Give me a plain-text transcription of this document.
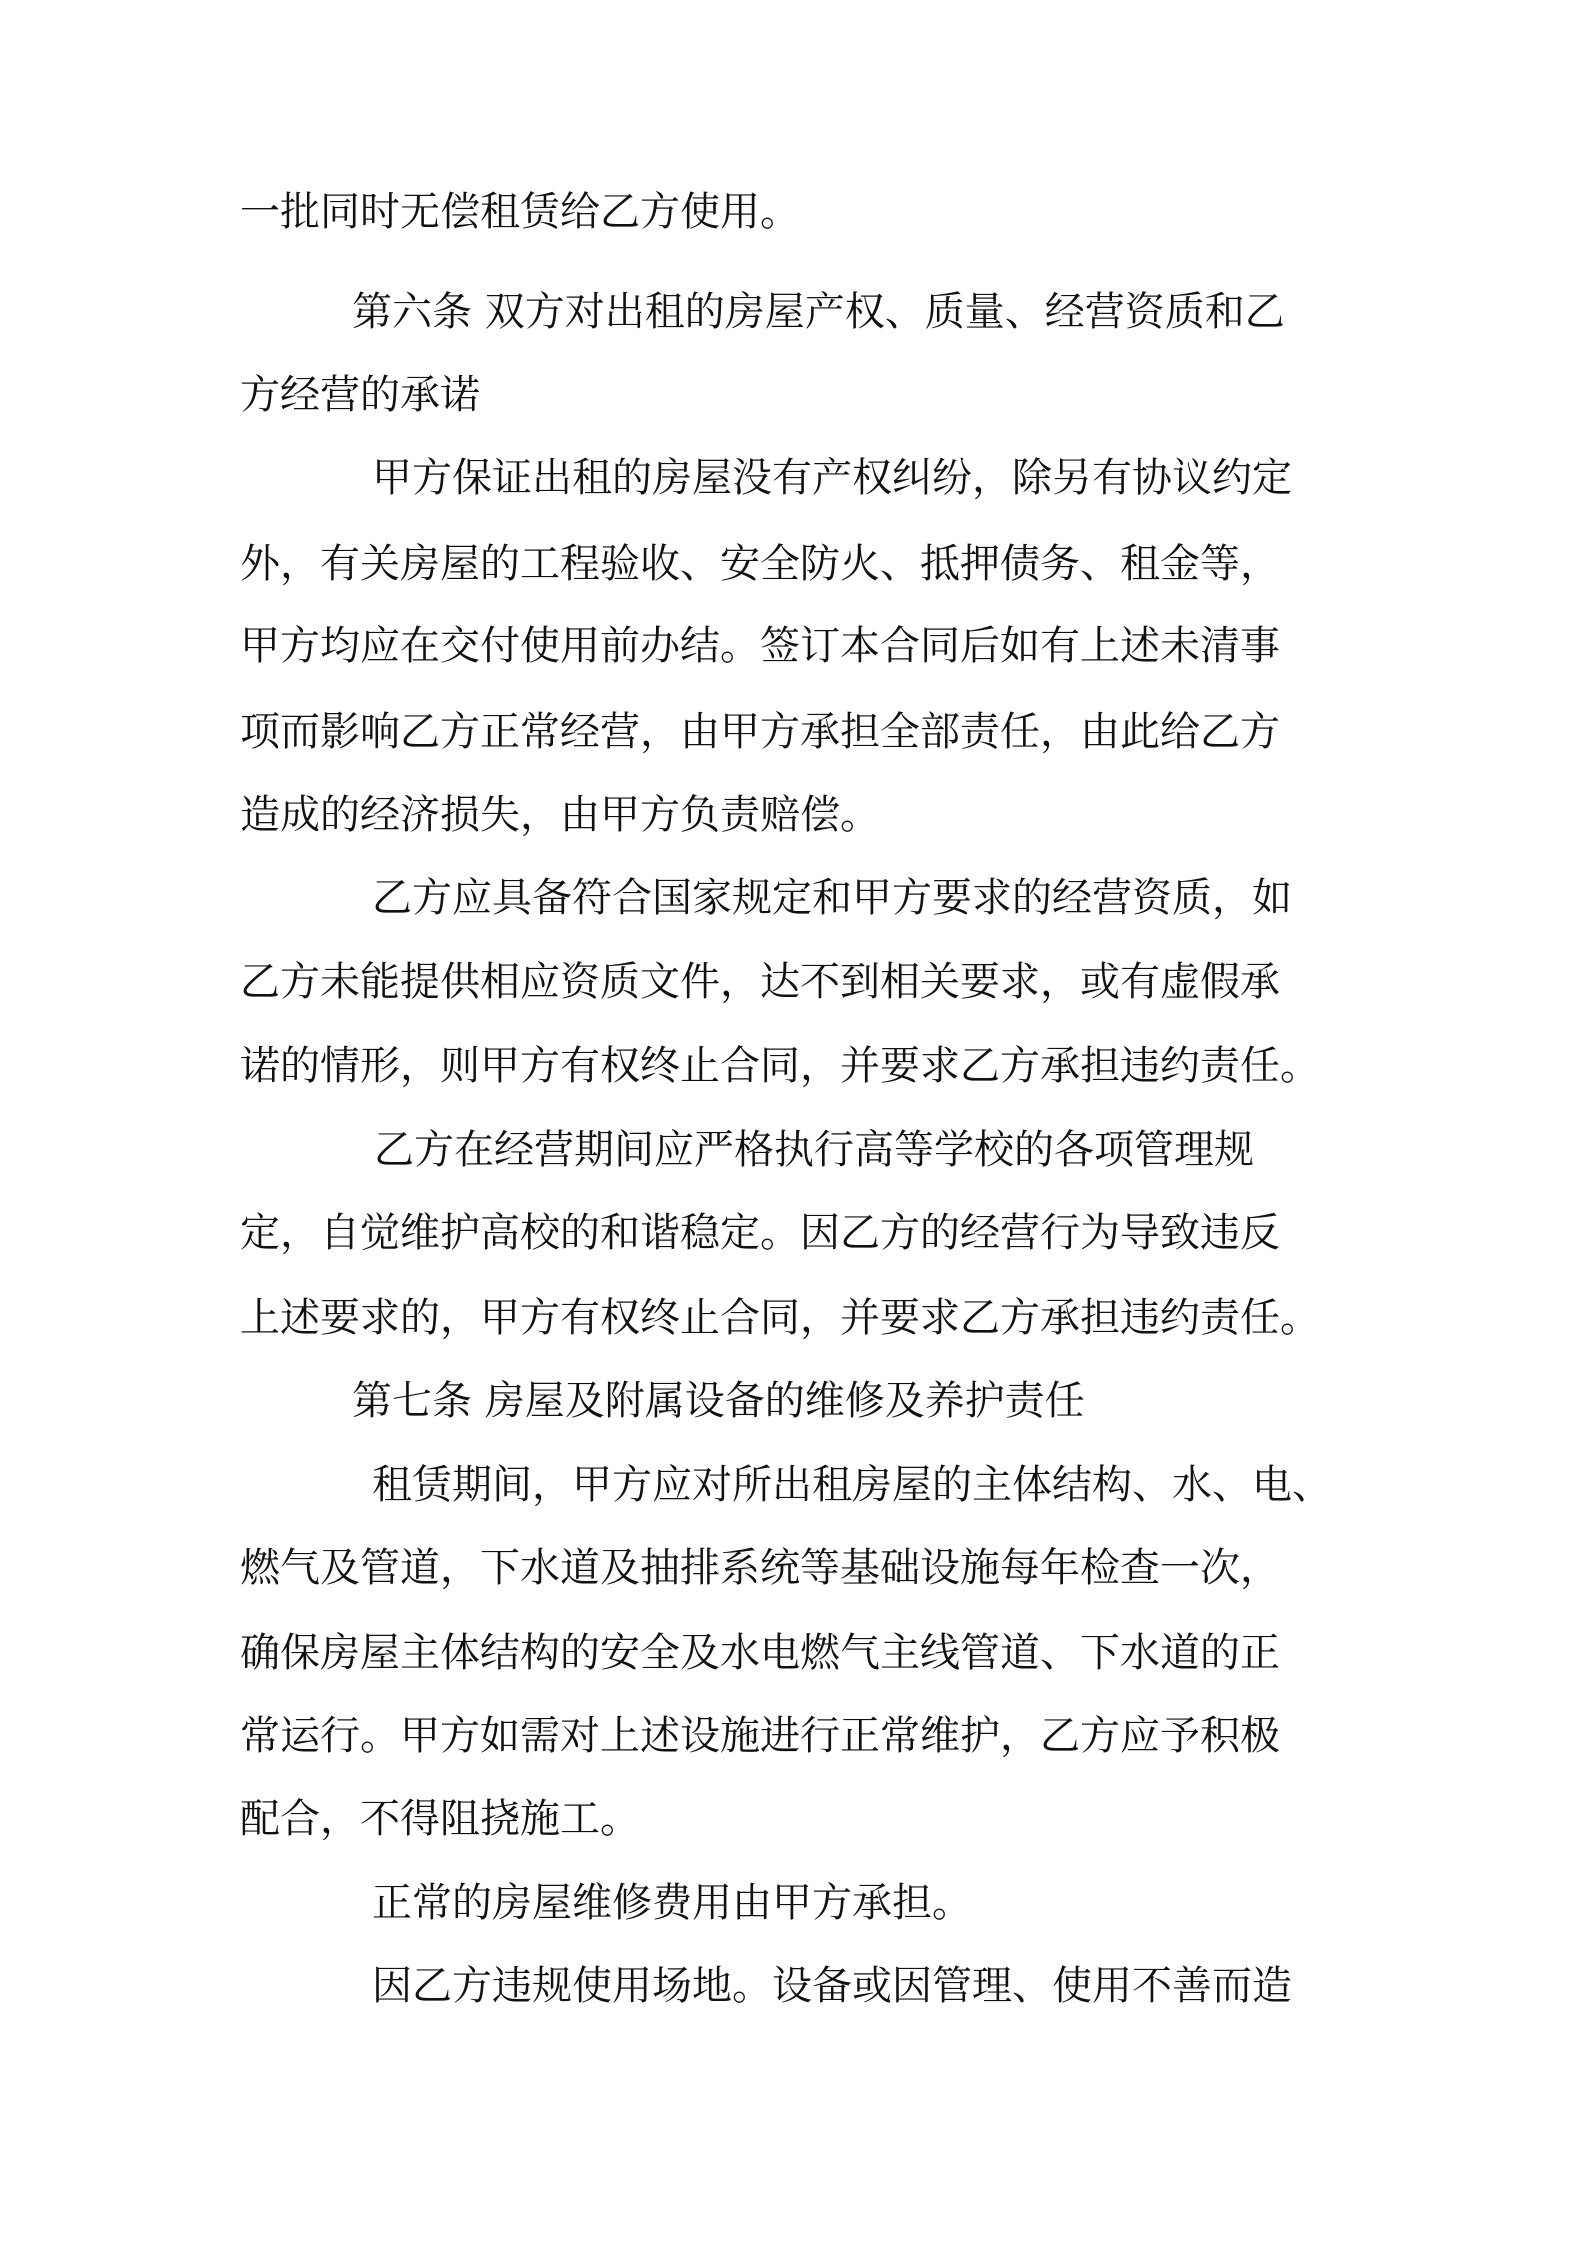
一批同时无偿租赁给乙方使用。
第六条 双方对出租的房屋产权、质量、经营资质和乙
方经营的承诺
甲方保证出租的房屋没有产权纠纷，除另有协议约定
外，有关房屋的工程验收、安全防火、抵押债务、租金等，
甲方均应在交付使用前办结。签订本合同后如有上述未清事
项而影响乙方正常经营，由甲方承担全部责任，由此给乙方
造成的经济损失，由甲方负责赔偿。
乙方应具备符合国家规定和甲方要求的经营资质，如
乙方未能提供相应资质文件，达不到相关要求，或有虚假承
诺的情形，则甲方有权终止合同，并要求乙方承担违约责任。
乙方在经营期间应严格执行高等学校的各项管理规
定，自觉维护高校的和谐稳定。因乙方的经营行为导致违反
上述要求的，甲方有权终止合同，并要求乙方承担违约责任。
第七条 房屋及附属设备的维修及养护责任
租赁期间，甲方应对所出租房屋的主体结构、水、电、
燃气及管道，下水道及抽排系统等基础设施每年检查一次，
确保房屋主体结构的安全及水电燃气主线管道、下水道的正
常运行。甲方如需对上述设施进行正常维护，乙方应予积极
配合，不得阻挠施工。
正常的房屋维修费用由甲方承担。
因乙方违规使用场地。设备或因管理、使用不善而造
